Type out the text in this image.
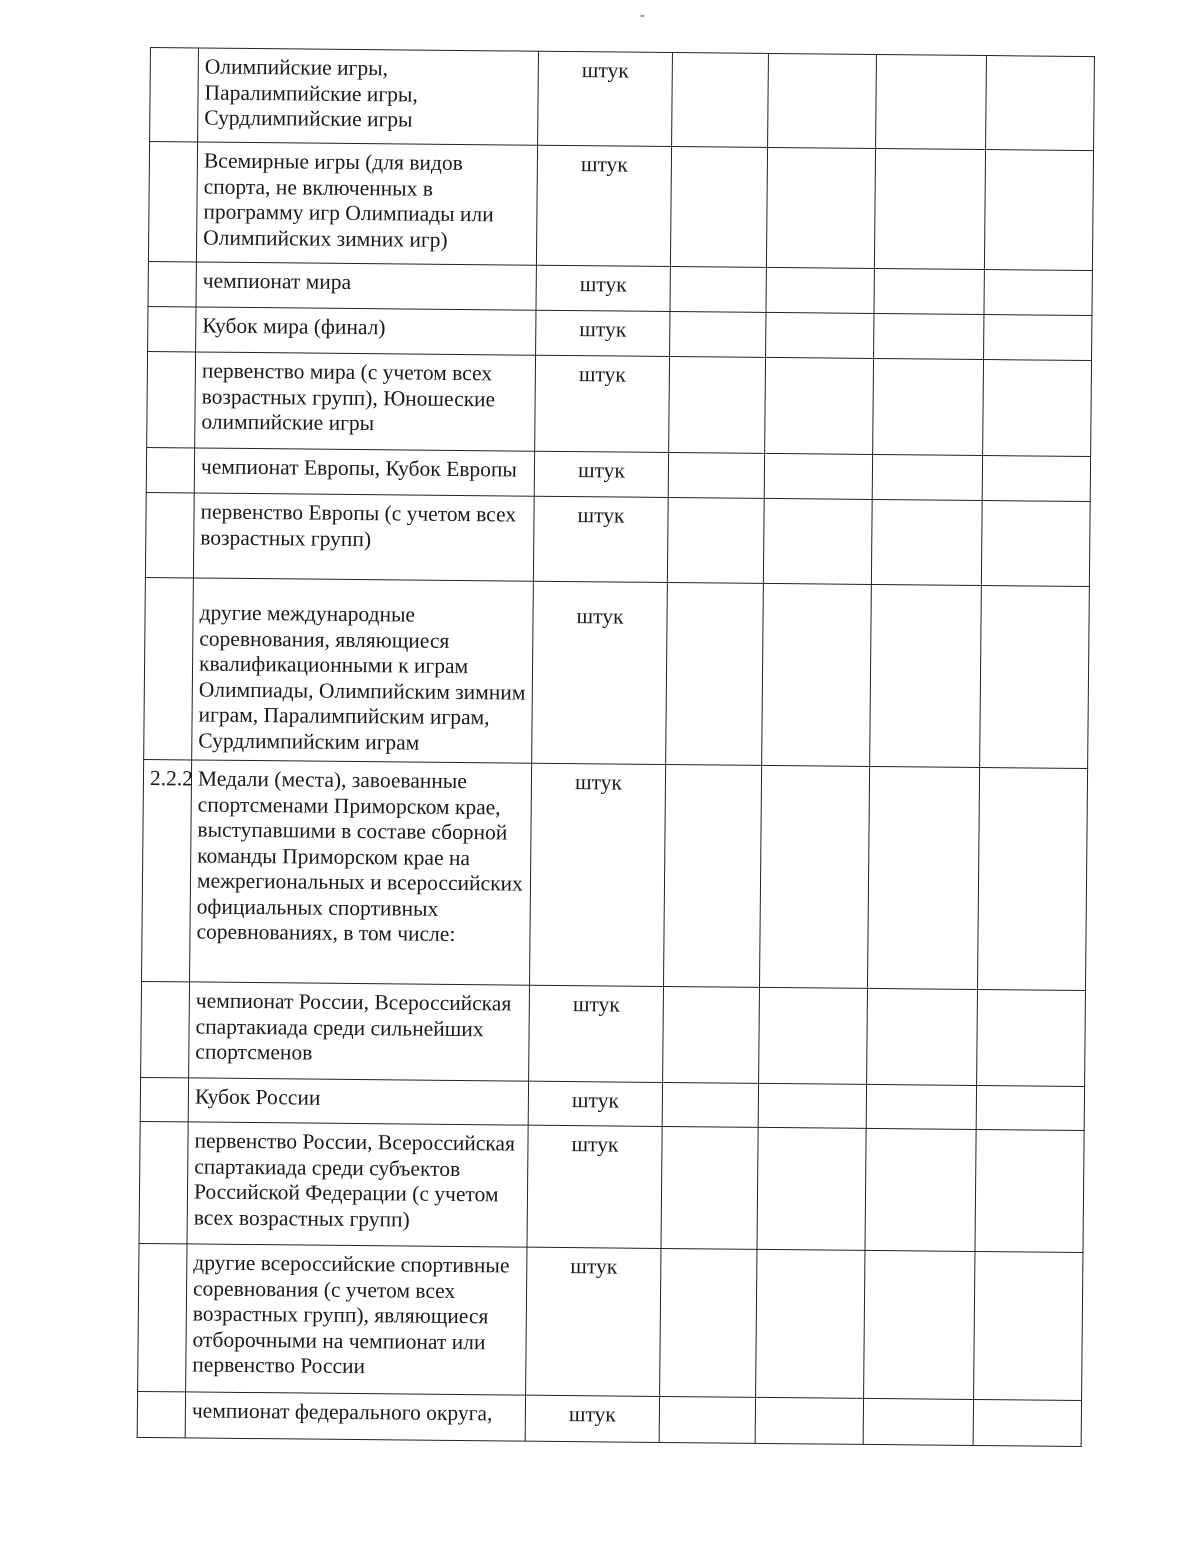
-

	Олимпийские игры,
Паралимпийские игры,
Сурдлимпийские игры	штук				

	Всемирные игры (для видов спорта, не включенных в программу игр Олимпиады или Олимпийских зимних игр)	штук				

	чемпионат мира	штук				

	Кубок мира (финал)	штук				

	первенство мира (с учетом всех возрастных групп), Юношеские олимпийские игры	штук				

	чемпионат Европы, Кубок Европы	штук				

	первенство Европы (с учетом всех возрастных групп)	штук				

	другие международные соревнования, являющиеся квалификационными к играм Олимпиады, Олимпийским зимним играм, Паралимпийским играм, Сурдлимпийским играм	штук				
2.2.2	Медали (места), завоеванные спортсменами Приморском крае, выступавшими в составе сборной команды Приморском крае на межрегиональных и всероссийских официальных спортивных соревнованиях, в том числе:	штук				

	чемпионат России, Всероссийская спартакиада среди сильнейших спортсменов	штук				

	Кубок России	штук				

	первенство России, Всероссийская спартакиада среди субъектов Российской Федерации (с учетом всех возрастных групп)	штук				

	другие всероссийские спортивные соревнования (с учетом всех возрастных групп), являющиеся отборочными на чемпионат или первенство России	штук				

	чемпионат федерального округа,	штук				
